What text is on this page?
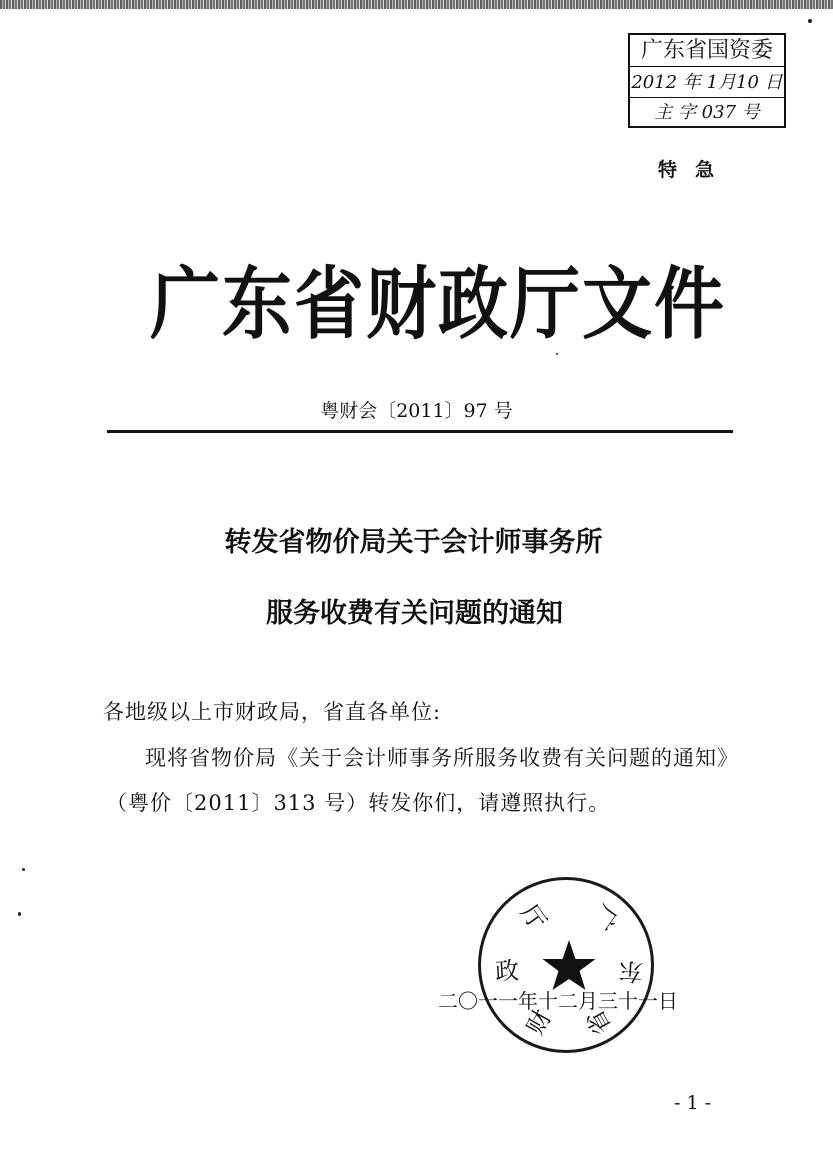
广东省国资委
2012 年 1月10 日
主 字 037 号
特急
广东省财政厅文件
粤财会〔2011〕97 号
转发省物价局关于会计师事务所
服务收费有关问题的通知
各地级以上市财政局，省直各单位:
现将省物价局《关于会计师事务所服务收费有关问题的通知》
（粤价〔2011〕313 号）转发你们，请遵照执行。
广
东
省
财
政
厅
二〇一一年十二月三十一日
- 1 -
